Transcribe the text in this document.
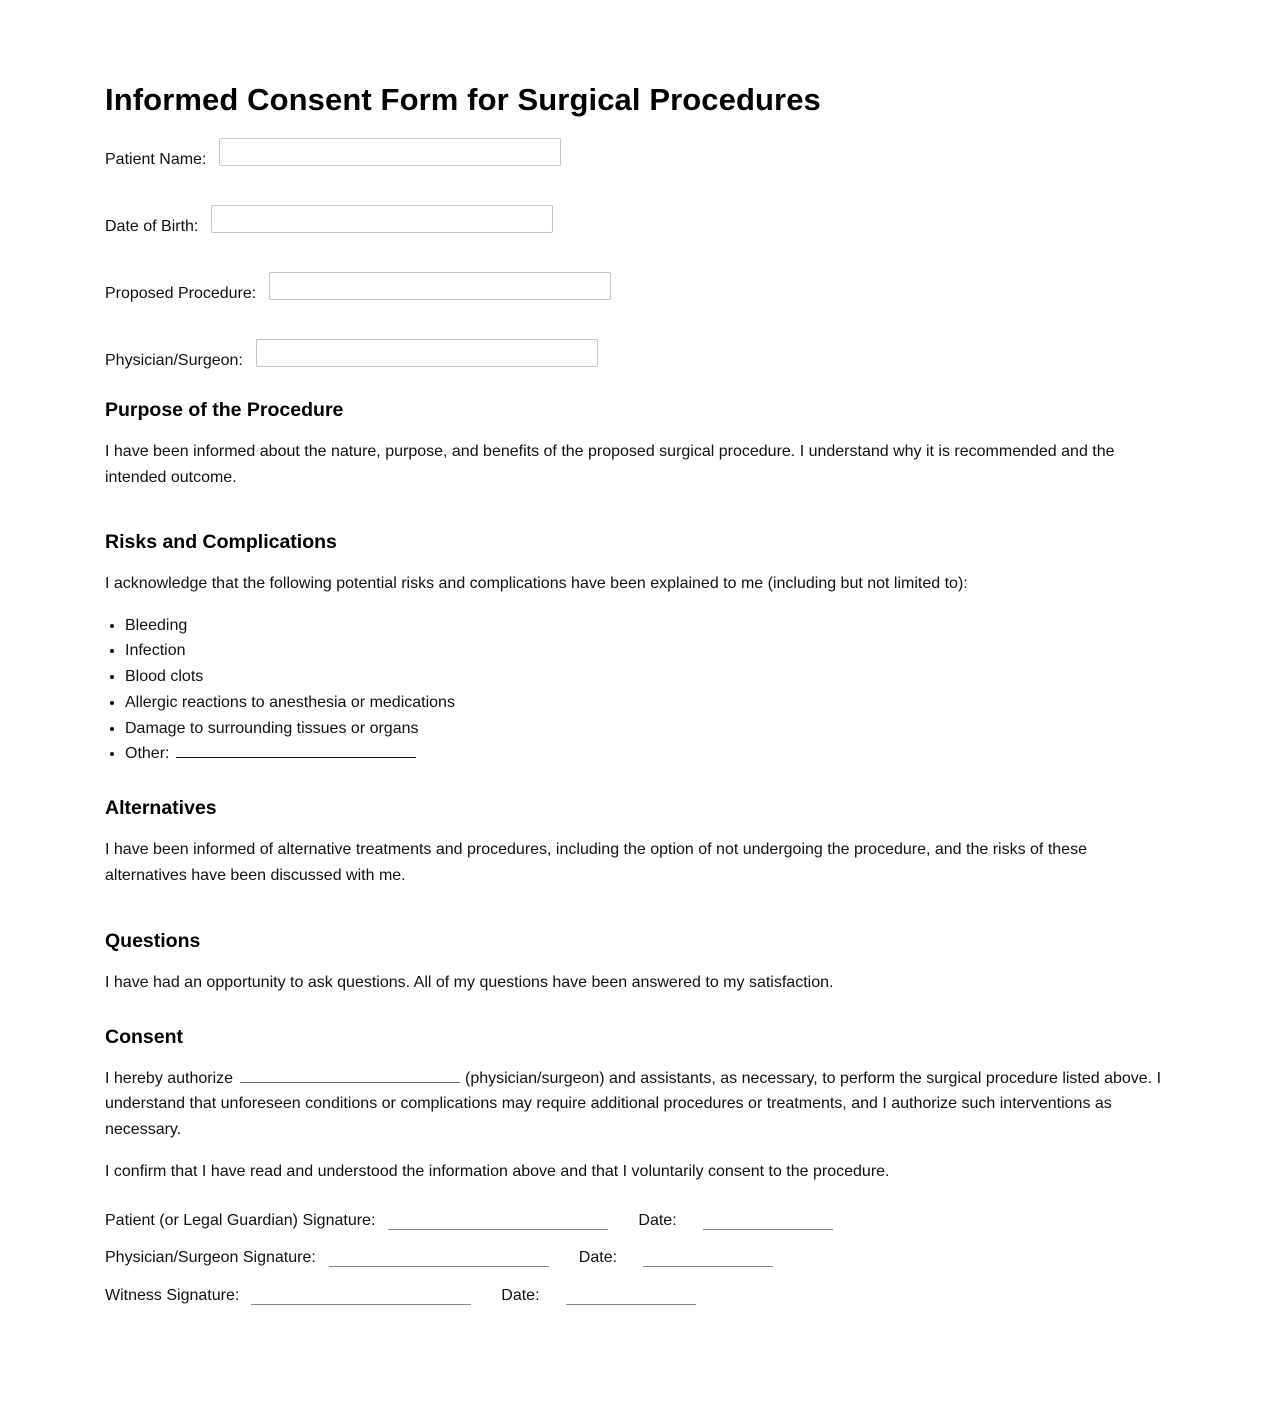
Informed Consent Form for Surgical Procedures
Patient Name:
Date of Birth:
Proposed Procedure:
Physician/Surgeon:
Purpose of the Procedure

I have been informed about the nature, purpose, and benefits of the proposed surgical procedure. I understand why it is recommended and the intended outcome.

Risks and Complications

I acknowledge that the following potential risks and complications have been explained to me (including but not limited to):

• Bleeding
• Infection
• Blood clots
• Allergic reactions to anesthesia or medications
• Damage to surrounding tissues or organs
• Other:
Alternatives

I have been informed of alternative treatments and procedures, including the option of not undergoing the procedure, and the risks of these alternatives have been discussed with me.

Questions

I have had an opportunity to ask questions. All of my questions have been answered to my satisfaction.

Consent

I hereby authorize	(physician/surgeon) and assistants, as necessary, to perform the surgical procedure listed above. I understand that unforeseen conditions or complications may require additional procedures or treatments, and I authorize such interventions as necessary.

I confirm that I have read and understood the information above and that I voluntarily consent to the procedure.

Patient (or Legal Guardian) Signature:	Date:
Physician/Surgeon Signature:	Date:
Witness Signature:	Date:
